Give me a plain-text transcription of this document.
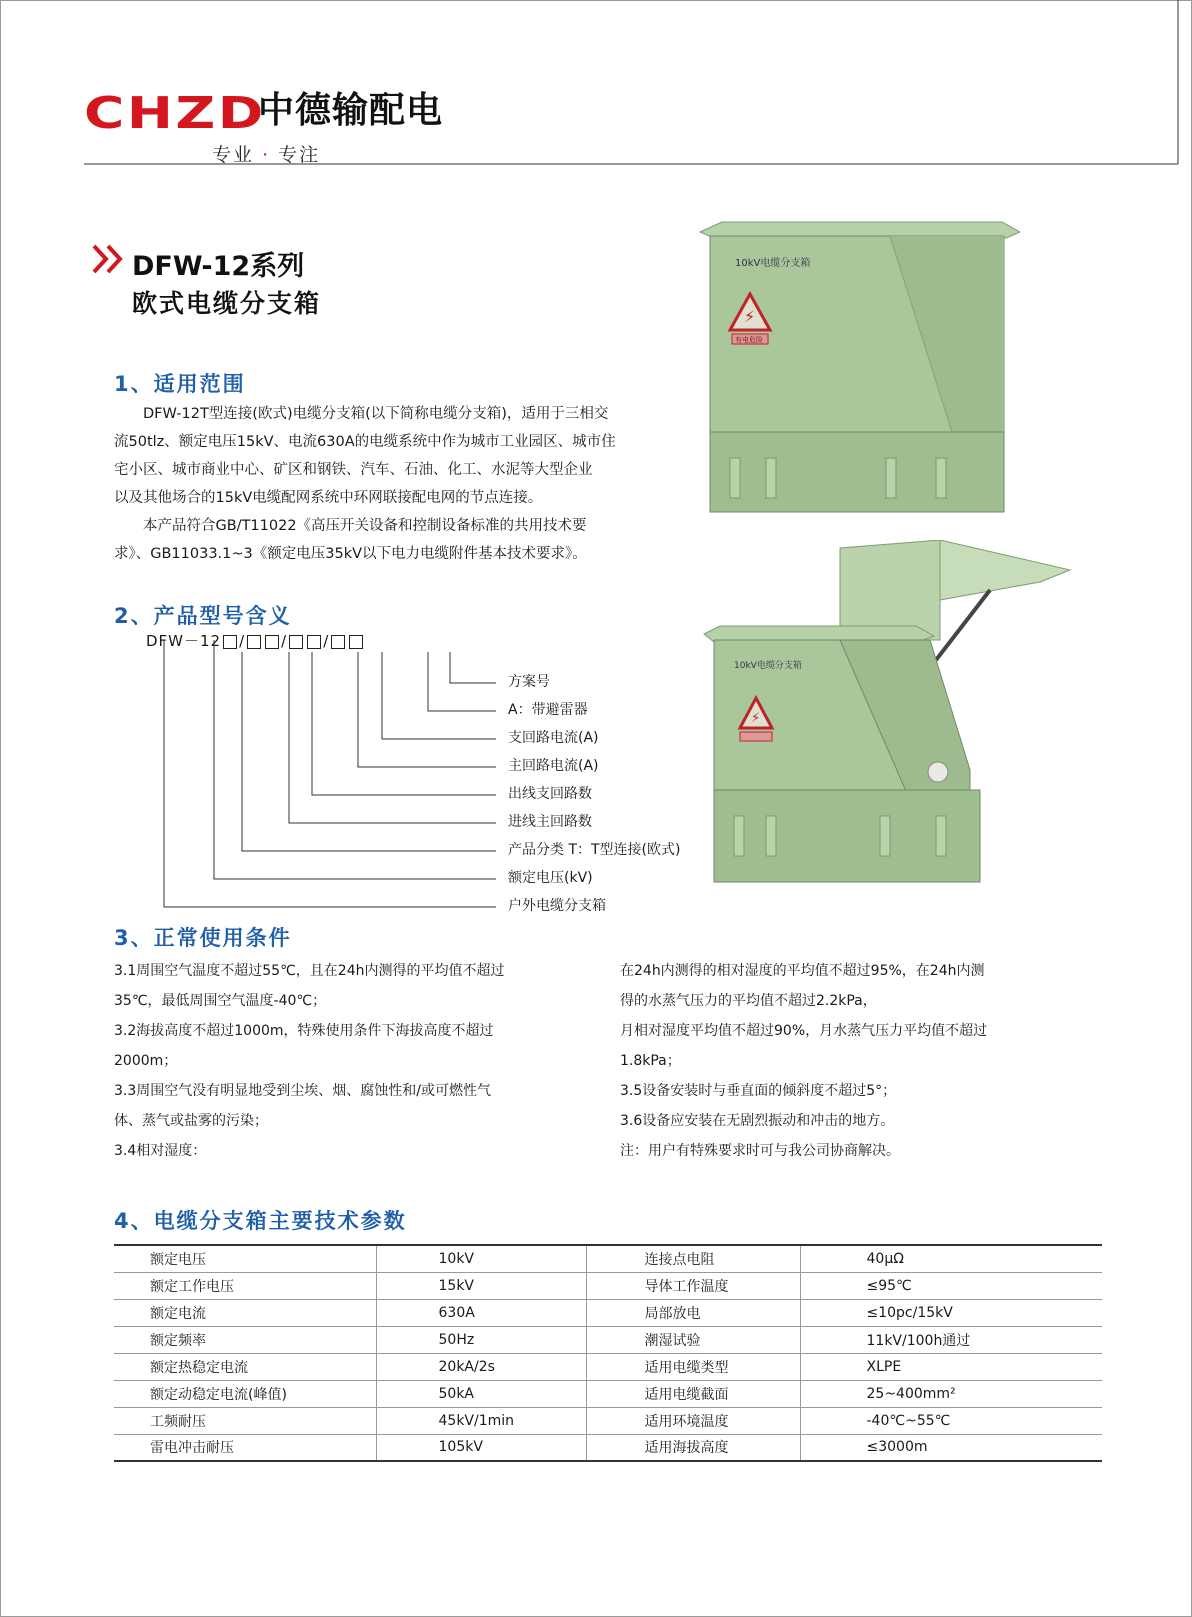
CHZD
中德输配电
专业 · 专注
DFW-12系列
欧式电缆分支箱
1、适用范围

　　DFW-12T型连接(欧式)电缆分支箱(以下简称电缆分支箱)，适用于三相交

流50tlz、额定电压15kV、电流630A的电缆系统中作为城市工业园区、城市住

宅小区、城市商业中心、矿区和钢铁、汽车、石油、化工、水泥等大型企业

以及其他场合的15kV电缆配网系统中环网联接配电网的节点连接。

　　本产品符合GB/T11022《高压开关设备和控制设备标准的共用技术要

求》、GB11033.1~3《额定电压35kV以下电力电缆附件基本技术要求》。

2、产品型号含义
DFW－12 / / /
方案号
A：带避雷器
支回路电流(A)
主回路电流(A)
出线支回路数
进线主回路数
产品分类 T：T型连接(欧式)
额定电压(kV)
户外电缆分支箱
10kV电缆分支箱
⚡
有电危险
10kV电缆分支箱
⚡
3、正常使用条件
3.1周围空气温度不超过55℃，且在24h内测得的平均值不超过
35℃，最低周围空气温度-40℃；
3.2海拔高度不超过1000m，特殊使用条件下海拔高度不超过
2000m；
3.3周围空气没有明显地受到尘埃、烟、腐蚀性和/或可燃性气
体、蒸气或盐雾的污染；
3.4相对湿度：
在24h内测得的相对湿度的平均值不超过95%，在24h内测
得的水蒸气压力的平均值不超过2.2kPa，
月相对湿度平均值不超过90%，月水蒸气压力平均值不超过
1.8kPa；
3.5设备安装时与垂直面的倾斜度不超过5°；
3.6设备应安装在无剧烈振动和冲击的地方。
注：用户有特殊要求时可与我公司协商解决。
4、电缆分支箱主要技术参数
额定电压	10kV	连接点电阻	40μΩ
额定工作电压	15kV	导体工作温度	≤95℃
额定电流	630A	局部放电	≤10pc/15kV
额定频率	50Hz	潮湿试验	11kV/100h通过
额定热稳定电流	20kA/2s	适用电缆类型	XLPE
额定动稳定电流(峰值)	50kA	适用电缆截面	25~400mm²
工频耐压	45kV/1min	适用环境温度	-40℃~55℃
雷电冲击耐压	105kV	适用海拔高度	≤3000m
